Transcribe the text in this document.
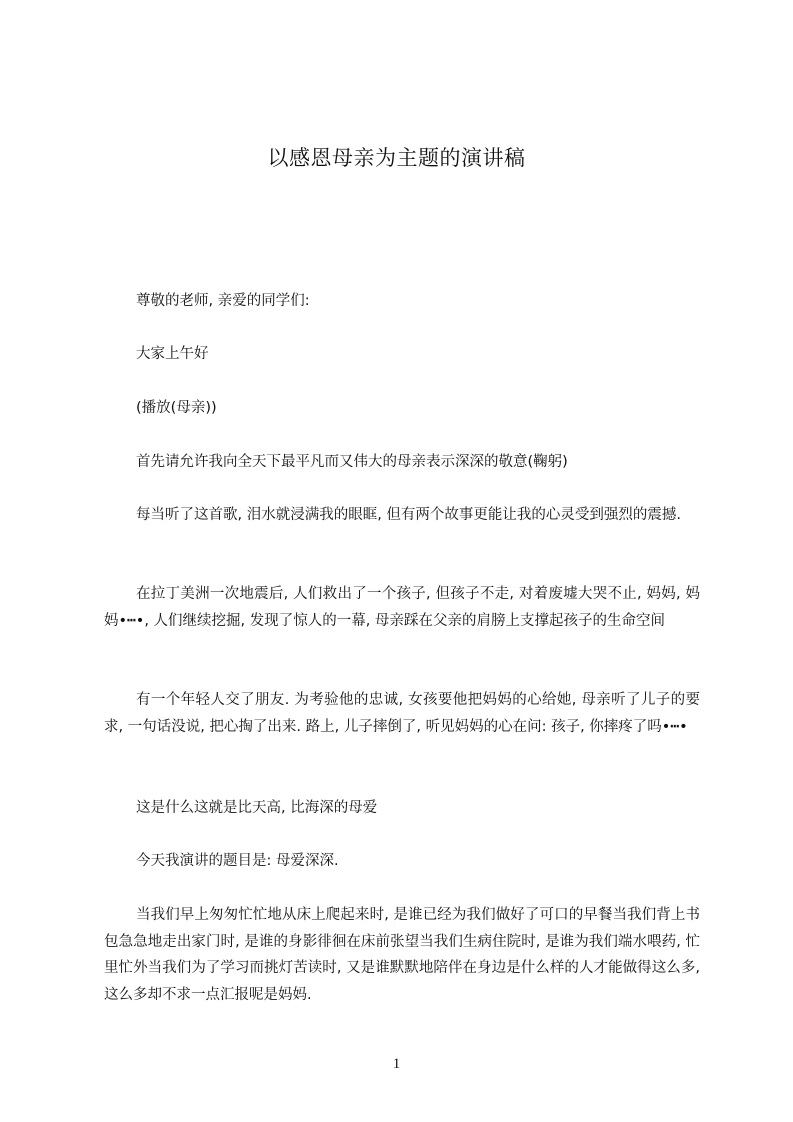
以感恩母亲为主题的演讲稿

尊敬的老师, 亲爱的同学们:

大家上午好

(播放(母亲))

首先请允许我向全天下最平凡而又伟大的母亲表示深深的敬意(鞠躬)

每当听了这首歌, 泪水就浸满我的眼眶, 但有两个故事更能让我的心灵受到强烈的震撼.

在拉丁美洲一次地震后, 人们救出了一个孩子, 但孩子不走, 对着废墟大哭不止, 妈妈, 妈妈•┅•, 人们继续挖掘, 发现了惊人的一幕, 母亲踩在父亲的肩膀上支撑起孩子的生命空间

有一个年轻人交了朋友. 为考验他的忠诚, 女孩要他把妈妈的心给她, 母亲听了儿子的要求, 一句话没说, 把心掏了出来. 路上, 儿子摔倒了, 听见妈妈的心在问: 孩子, 你摔疼了吗•┅•

这是什么这就是比天高, 比海深的母爱

今天我演讲的题目是: 母爱深深.

当我们早上匆匆忙忙地从床上爬起来时, 是谁已经为我们做好了可口的早餐当我们背上书包急急地走出家门时, 是谁的身影徘徊在床前张望当我们生病住院时, 是谁为我们端水喂药, 忙里忙外当我们为了学习而挑灯苦读时, 又是谁默默地陪伴在身边是什么样的人才能做得这么多, 这么多却不求一点汇报呢是妈妈.

1
